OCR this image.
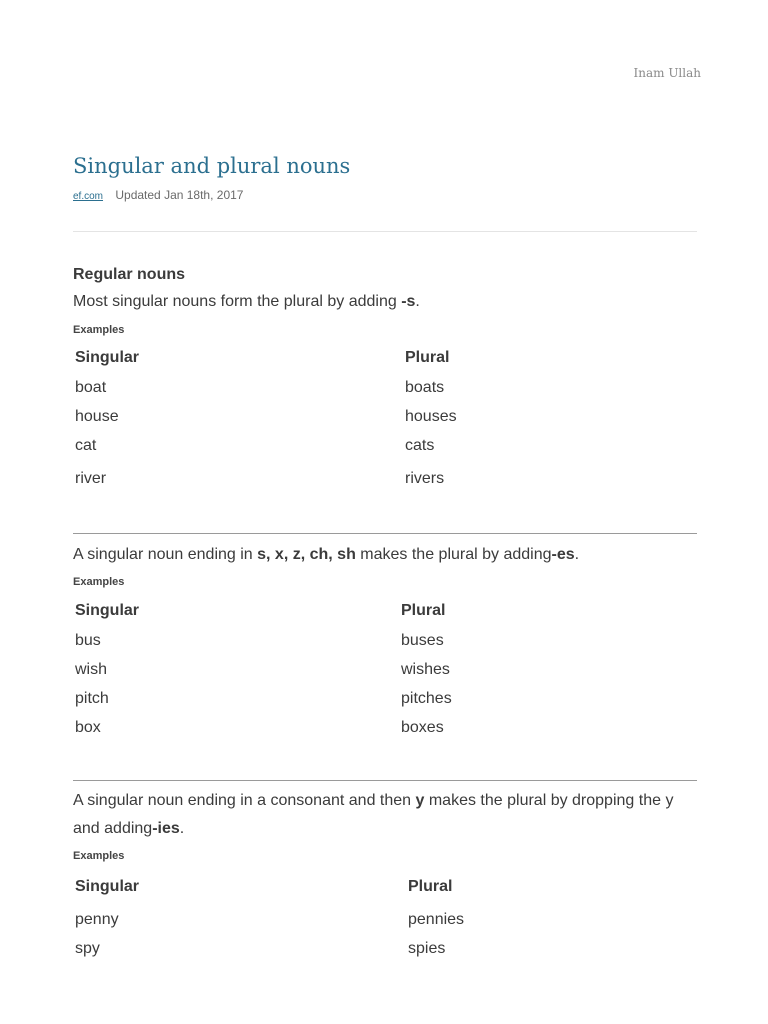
Inam Ullah
Singular and plural nouns
ef.com Updated Jan 18th, 2017
Regular nouns
Most singular nouns form the plural by adding -s.
Examples
Singular
boat
house
cat
river
Plural
boats
houses
cats
rivers
A singular noun ending in s, x, z, ch, sh makes the plural by adding-es.
Examples
Singular
bus
wish
pitch
box
Plural
buses
wishes
pitches
boxes
A singular noun ending in a consonant and then y makes the plural by dropping the y and adding-ies.
Examples
Singular
penny
spy
Plural
pennies
spies
